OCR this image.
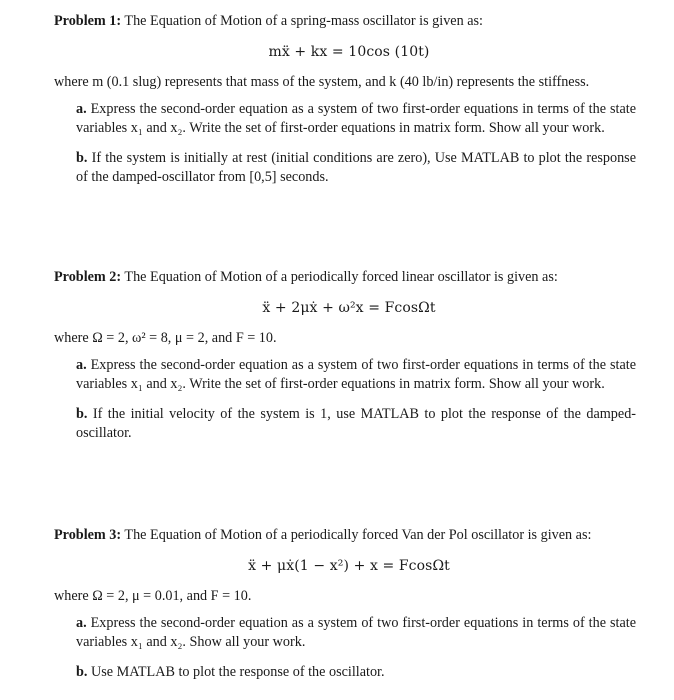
Problem 1: The Equation of Motion of a spring-mass oscillator is given as:

mẍ + kx = 10cos (10t)

where m (0.1 slug) represents that mass of the system, and k (40 lb/in) represents the stiffness.

a. Express the second-order equation as a system of two first-order equations in terms of the state variables x₁ and x₂. Write the set of first-order equations in matrix form. Show all your work.

b. If the system is initially at rest (initial conditions are zero), Use MATLAB to plot the response of the damped-oscillator from [0,5] seconds.

Problem 2: The Equation of Motion of a periodically forced linear oscillator is given as:

ẍ + 2μẋ + ω²x = FcosΩt

where Ω = 2, ω² = 8, μ = 2, and F = 10.

a. Express the second-order equation as a system of two first-order equations in terms of the state variables x₁ and x₂. Write the set of first-order equations in matrix form. Show all your work.

b. If the initial velocity of the system is 1, use MATLAB to plot the response of the damped-oscillator.

Problem 3: The Equation of Motion of a periodically forced Van der Pol oscillator is given as:

ẍ + μẋ(1 − x²) + x = FcosΩt

where Ω = 2, μ = 0.01, and F = 10.

a. Express the second-order equation as a system of two first-order equations in terms of the state variables x₁ and x₂. Show all your work.

b. Use MATLAB to plot the response of the oscillator.
